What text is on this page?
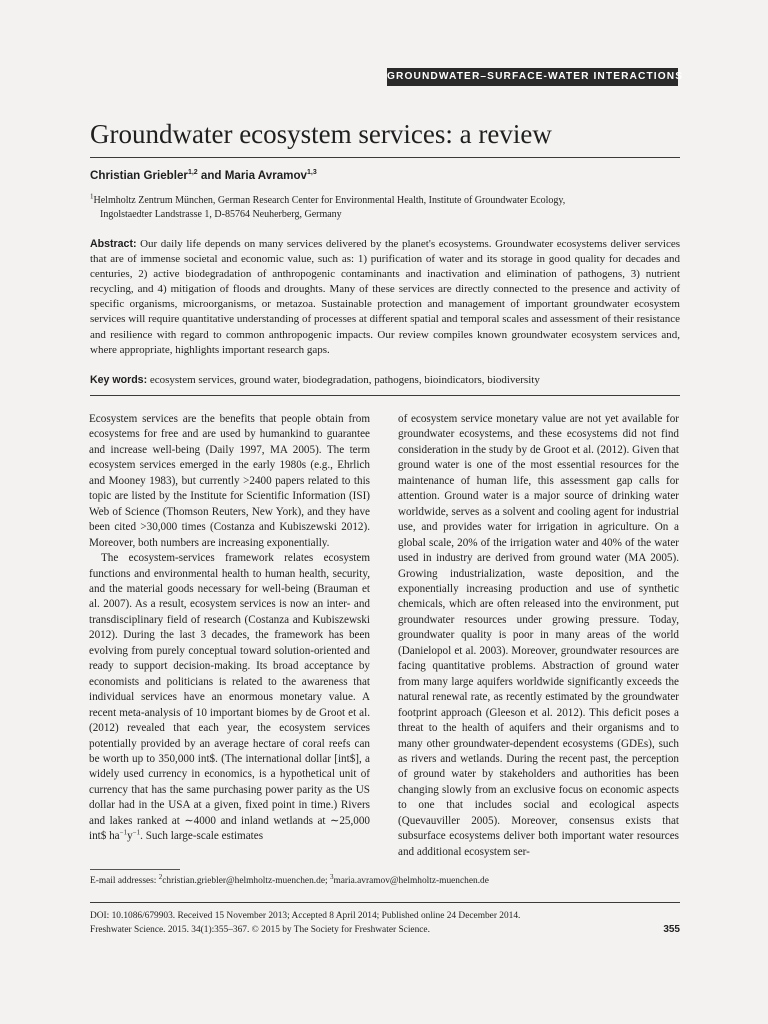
GROUNDWATER–SURFACE-WATER INTERACTIONS
Groundwater ecosystem services: a review
Christian Griebler$^{1,2}$ and Maria Avramov$^{1,3}$
$^1$Helmholtz Zentrum München, German Research Center for Environmental Health, Institute of Groundwater Ecology,
Ingolstaedter Landstrasse 1, D-85764 Neuherberg, Germany
Abstract: Our daily life depends on many services delivered by the planet's ecosystems. Groundwater ecosystems deliver services that are of immense societal and economic value, such as: 1) purification of water and its storage in good quality for decades and centuries, 2) active biodegradation of anthropogenic contaminants and inactivation and elimination of pathogens, 3) nutrient recycling, and 4) mitigation of floods and droughts. Many of these services are directly connected to the presence and activity of specific organisms, microorganisms, or metazoa. Sustainable protection and management of important groundwater ecosystem services will require quantitative understanding of processes at different spatial and temporal scales and assessment of their resistance and resilience with regard to common anthropogenic impacts. Our review compiles known groundwater ecosystem services and, where appropriate, highlights important research gaps.
Key words: ecosystem services, ground water, biodegradation, pathogens, bioindicators, biodiversity

Ecosystem services are the benefits that people obtain from ecosystems for free and are used by humankind to guarantee and increase well-being (Daily 1997, MA 2005). The term ecosystem services emerged in the early 1980s (e.g., Ehrlich and Mooney 1983), but currently >2400 papers related to this topic are listed by the Institute for Scientific Information (ISI) Web of Science (Thomson Reuters, New York), and they have been cited >30,000 times (Costanza and Kubiszewski 2012). Moreover, both numbers are increasing exponentially.

The ecosystem-services framework relates ecosystem functions and environmental health to human health, security, and the material goods necessary for well-being (Brauman et al. 2007). As a result, ecosystem services is now an inter- and transdisciplinary field of research (Costanza and Kubiszewski 2012). During the last 3 decades, the framework has been evolving from purely conceptual toward solution-oriented and ready to support decision-making. Its broad acceptance by economists and politicians is related to the awareness that individual services have an enormous monetary value. A recent meta-analysis of 10 important biomes by de Groot et al. (2012) revealed that each year, the ecosystem services potentially provided by an average hectare of coral reefs can be worth up to 350,000 int$. (The international dollar [int$], a widely used currency in economics, is a hypothetical unit of currency that has the same purchasing power parity as the US dollar had in the USA at a given, fixed point in time.) Rivers and lakes ranked at ∼4000 and inland wetlands at ∼25,000 int$ $ha^{-1}y^{-1}$. Such large-scale estimates

of ecosystem service monetary value are not yet available for groundwater ecosystems, and these ecosystems did not find consideration in the study by de Groot et al. (2012). Given that ground water is one of the most essential resources for the maintenance of human life, this assessment gap calls for attention. Ground water is a major source of drinking water worldwide, serves as a solvent and cooling agent for industrial use, and provides water for irrigation in agriculture. On a global scale, 20% of the irrigation water and 40% of the water used in industry are derived from ground water (MA 2005). Growing industrialization, waste deposition, and the exponentially increasing production and use of synthetic chemicals, which are often released into the environment, put groundwater resources under growing pressure. Today, groundwater quality is poor in many areas of the world (Danielopol et al. 2003). Moreover, groundwater resources are facing quantitative problems. Abstraction of ground water from many large aquifers worldwide significantly exceeds the natural renewal rate, as recently estimated by the groundwater footprint approach (Gleeson et al. 2012). This deficit poses a threat to the health of aquifers and their organisms and to many other groundwater-dependent ecosystems (GDEs), such as rivers and wetlands. During the recent past, the perception of ground water by stakeholders and authorities has been changing slowly from an exclusive focus on economic aspects to one that includes social and ecological aspects (Quevauviller 2005). Moreover, consensus exists that subsurface ecosystems deliver both important water resources and additional ecosystem ser-

E-mail addresses: $^2$christian.griebler@helmholtz-muenchen.de; $^3$maria.avramov@helmholtz-muenchen.de
DOI: 10.1086/679903. Received 15 November 2013; Accepted 8 April 2014; Published online 24 December 2014.
Freshwater Science. 2015. 34(1):355–367. © 2015 by The Society for Freshwater Science.	355
